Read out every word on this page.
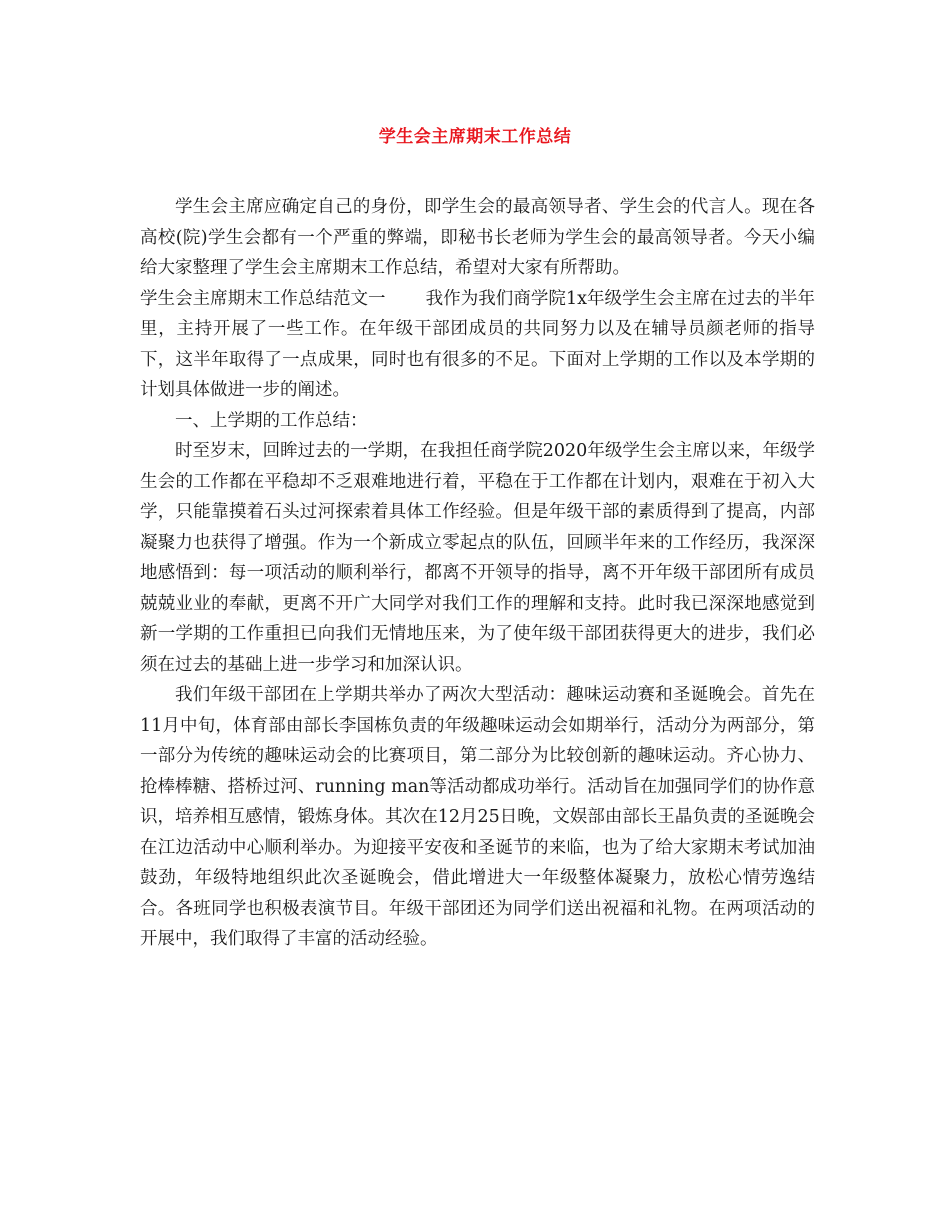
学生会主席期末工作总结

学生会主席应确定自己的身份，即学生会的最高领导者、学生会的代言人。现在各高校(院)学生会都有一个严重的弊端，即秘书长老师为学生会的最高领导者。今天小编给大家整理了学生会主席期末工作总结，希望对大家有所帮助。

学生会主席期末工作总结范文一 我作为我们商学院1x年级学生会主席在过去的半年里，主持开展了一些工作。在年级干部团成员的共同努力以及在辅导员颜老师的指导下，这半年取得了一点成果，同时也有很多的不足。下面对上学期的工作以及本学期的计划具体做进一步的阐述。

一、上学期的工作总结：

时至岁末，回眸过去的一学期，在我担任商学院2020年级学生会主席以来，年级学生会的工作都在平稳却不乏艰难地进行着，平稳在于工作都在计划内，艰难在于初入大学，只能靠摸着石头过河探索着具体工作经验。但是年级干部的素质得到了提高，内部凝聚力也获得了增强。作为一个新成立零起点的队伍，回顾半年来的工作经历，我深深地感悟到：每一项活动的顺利举行，都离不开领导的指导，离不开年级干部团所有成员兢兢业业的奉献，更离不开广大同学对我们工作的理解和支持。此时我已深深地感觉到新一学期的工作重担已向我们无情地压来，为了使年级干部团获得更大的进步，我们必须在过去的基础上进一步学习和加深认识。

我们年级干部团在上学期共举办了两次大型活动：趣味运动赛和圣诞晚会。首先在11月中旬，体育部由部长李国栋负责的年级趣味运动会如期举行，活动分为两部分，第一部分为传统的趣味运动会的比赛项目，第二部分为比较创新的趣味运动。齐心协力、抢棒棒糖、搭桥过河、running man等活动都成功举行。活动旨在加强同学们的协作意识，培养相互感情，锻炼身体。其次在12月25日晚，文娱部由部长王晶负责的圣诞晚会在江边活动中心顺利举办。为迎接平安夜和圣诞节的来临，也为了给大家期末考试加油鼓劲，年级特地组织此次圣诞晚会，借此增进大一年级整体凝聚力，放松心情劳逸结合。各班同学也积极表演节目。年级干部团还为同学们送出祝福和礼物。在两项活动的开展中，我们取得了丰富的活动经验。
